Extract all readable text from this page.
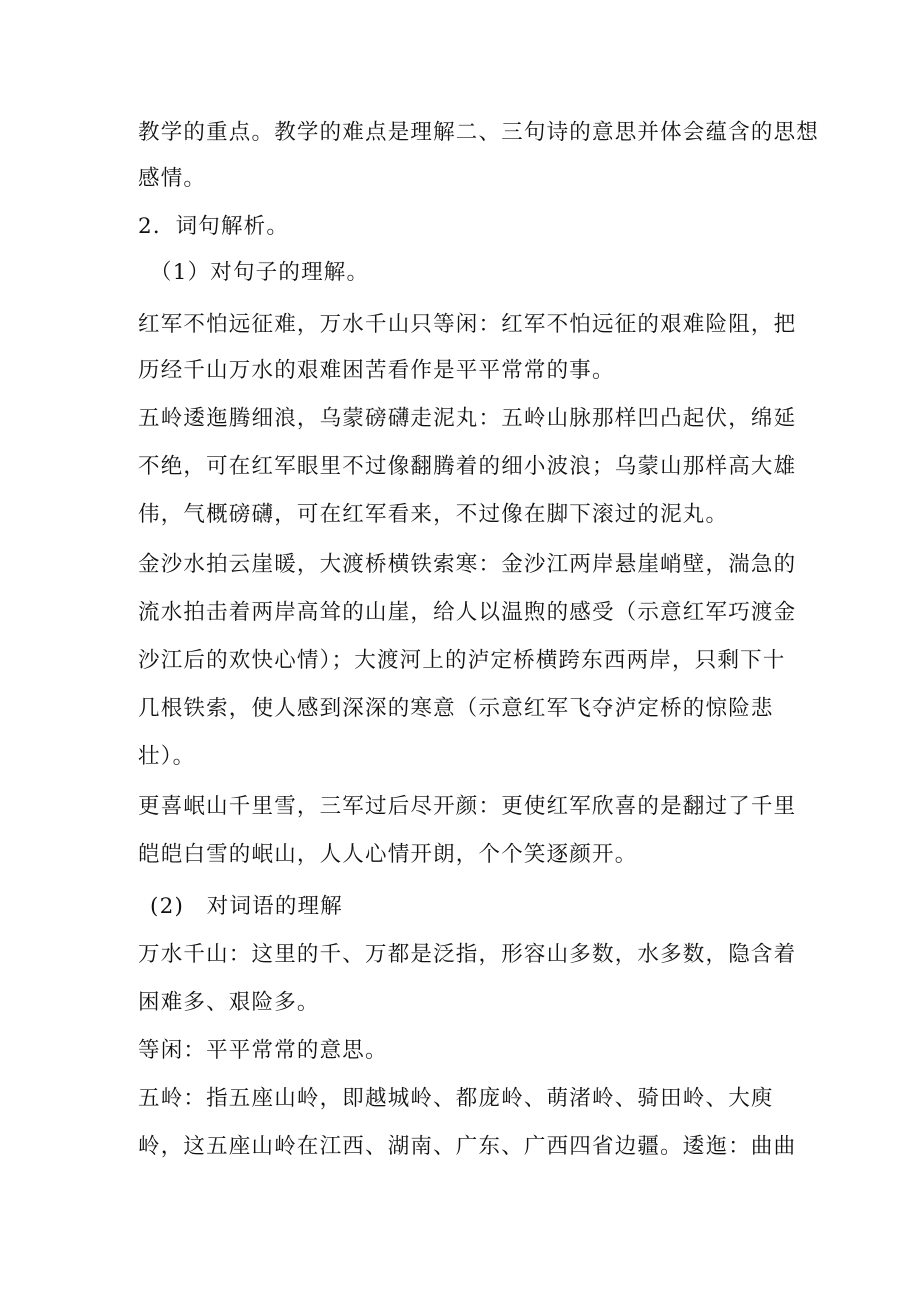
教学的重点。教学的难点是理解二、三句诗的意思并体会蕴含的思想
感情。
2．词句解析。
（1）对句子的理解。
红军不怕远征难，万水千山只等闲：红军不怕远征的艰难险阻，把
历经千山万水的艰难困苦看作是平平常常的事。
五岭逶迤腾细浪，乌蒙磅礴走泥丸：五岭山脉那样凹凸起伏，绵延
不绝，可在红军眼里不过像翻腾着的细小波浪；乌蒙山那样高大雄
伟，气概磅礴，可在红军看来，不过像在脚下滚过的泥丸。
金沙水拍云崖暖，大渡桥横铁索寒：金沙江两岸悬崖峭壁，湍急的
流水拍击着两岸高耸的山崖，给人以温煦的感受（示意红军巧渡金
沙江后的欢快心情）；大渡河上的泸定桥横跨东西两岸，只剩下十
几根铁索，使人感到深深的寒意（示意红军飞夺泸定桥的惊险悲
壮）。
更喜岷山千里雪，三军过后尽开颜：更使红军欣喜的是翻过了千里
皑皑白雪的岷山，人人心情开朗，个个笑逐颜开。
(2)　对词语的理解
万水千山：这里的千、万都是泛指，形容山多数，水多数，隐含着
困难多、艰险多。
等闲：平平常常的意思。
五岭：指五座山岭，即越城岭、都庞岭、萌渚岭、骑田岭、大庾
岭，这五座山岭在江西、湖南、广东、广西四省边疆。逶迤：曲曲
